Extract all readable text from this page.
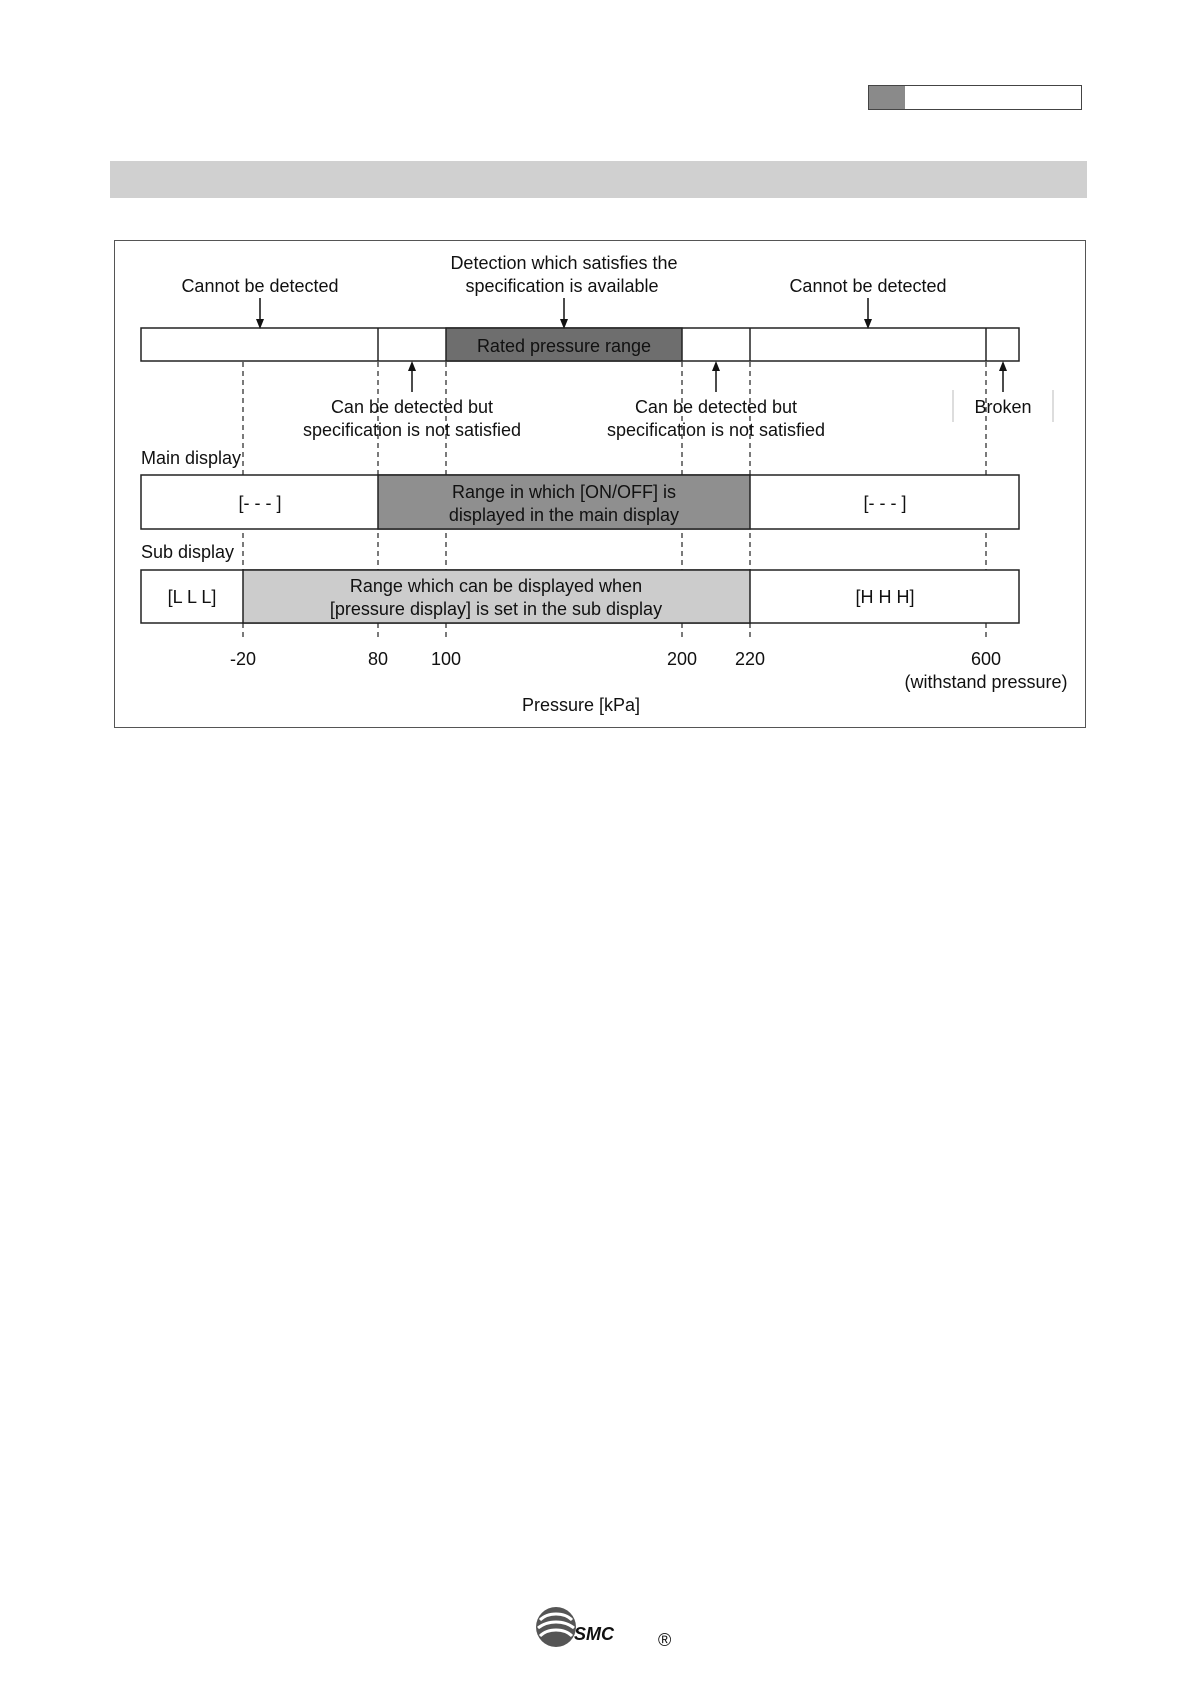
Rated pressure range
Cannot be detected
Detection which satisfies the
specification is available	Cannot be detected
Can be detected but
specification is not satisfied
Can be detected but
specification is not satisfied
Broken
Main display
[- - - ]
Range in which [ON/OFF] is
displayed in the main display
[- - - ]
Sub display
[L L L]
Range which can be displayed when
[pressure display] is set in the sub display
[H H H]
-20	80 100	200 220	600
(withstand pressure)
Pressure [kPa]
SMC ®
